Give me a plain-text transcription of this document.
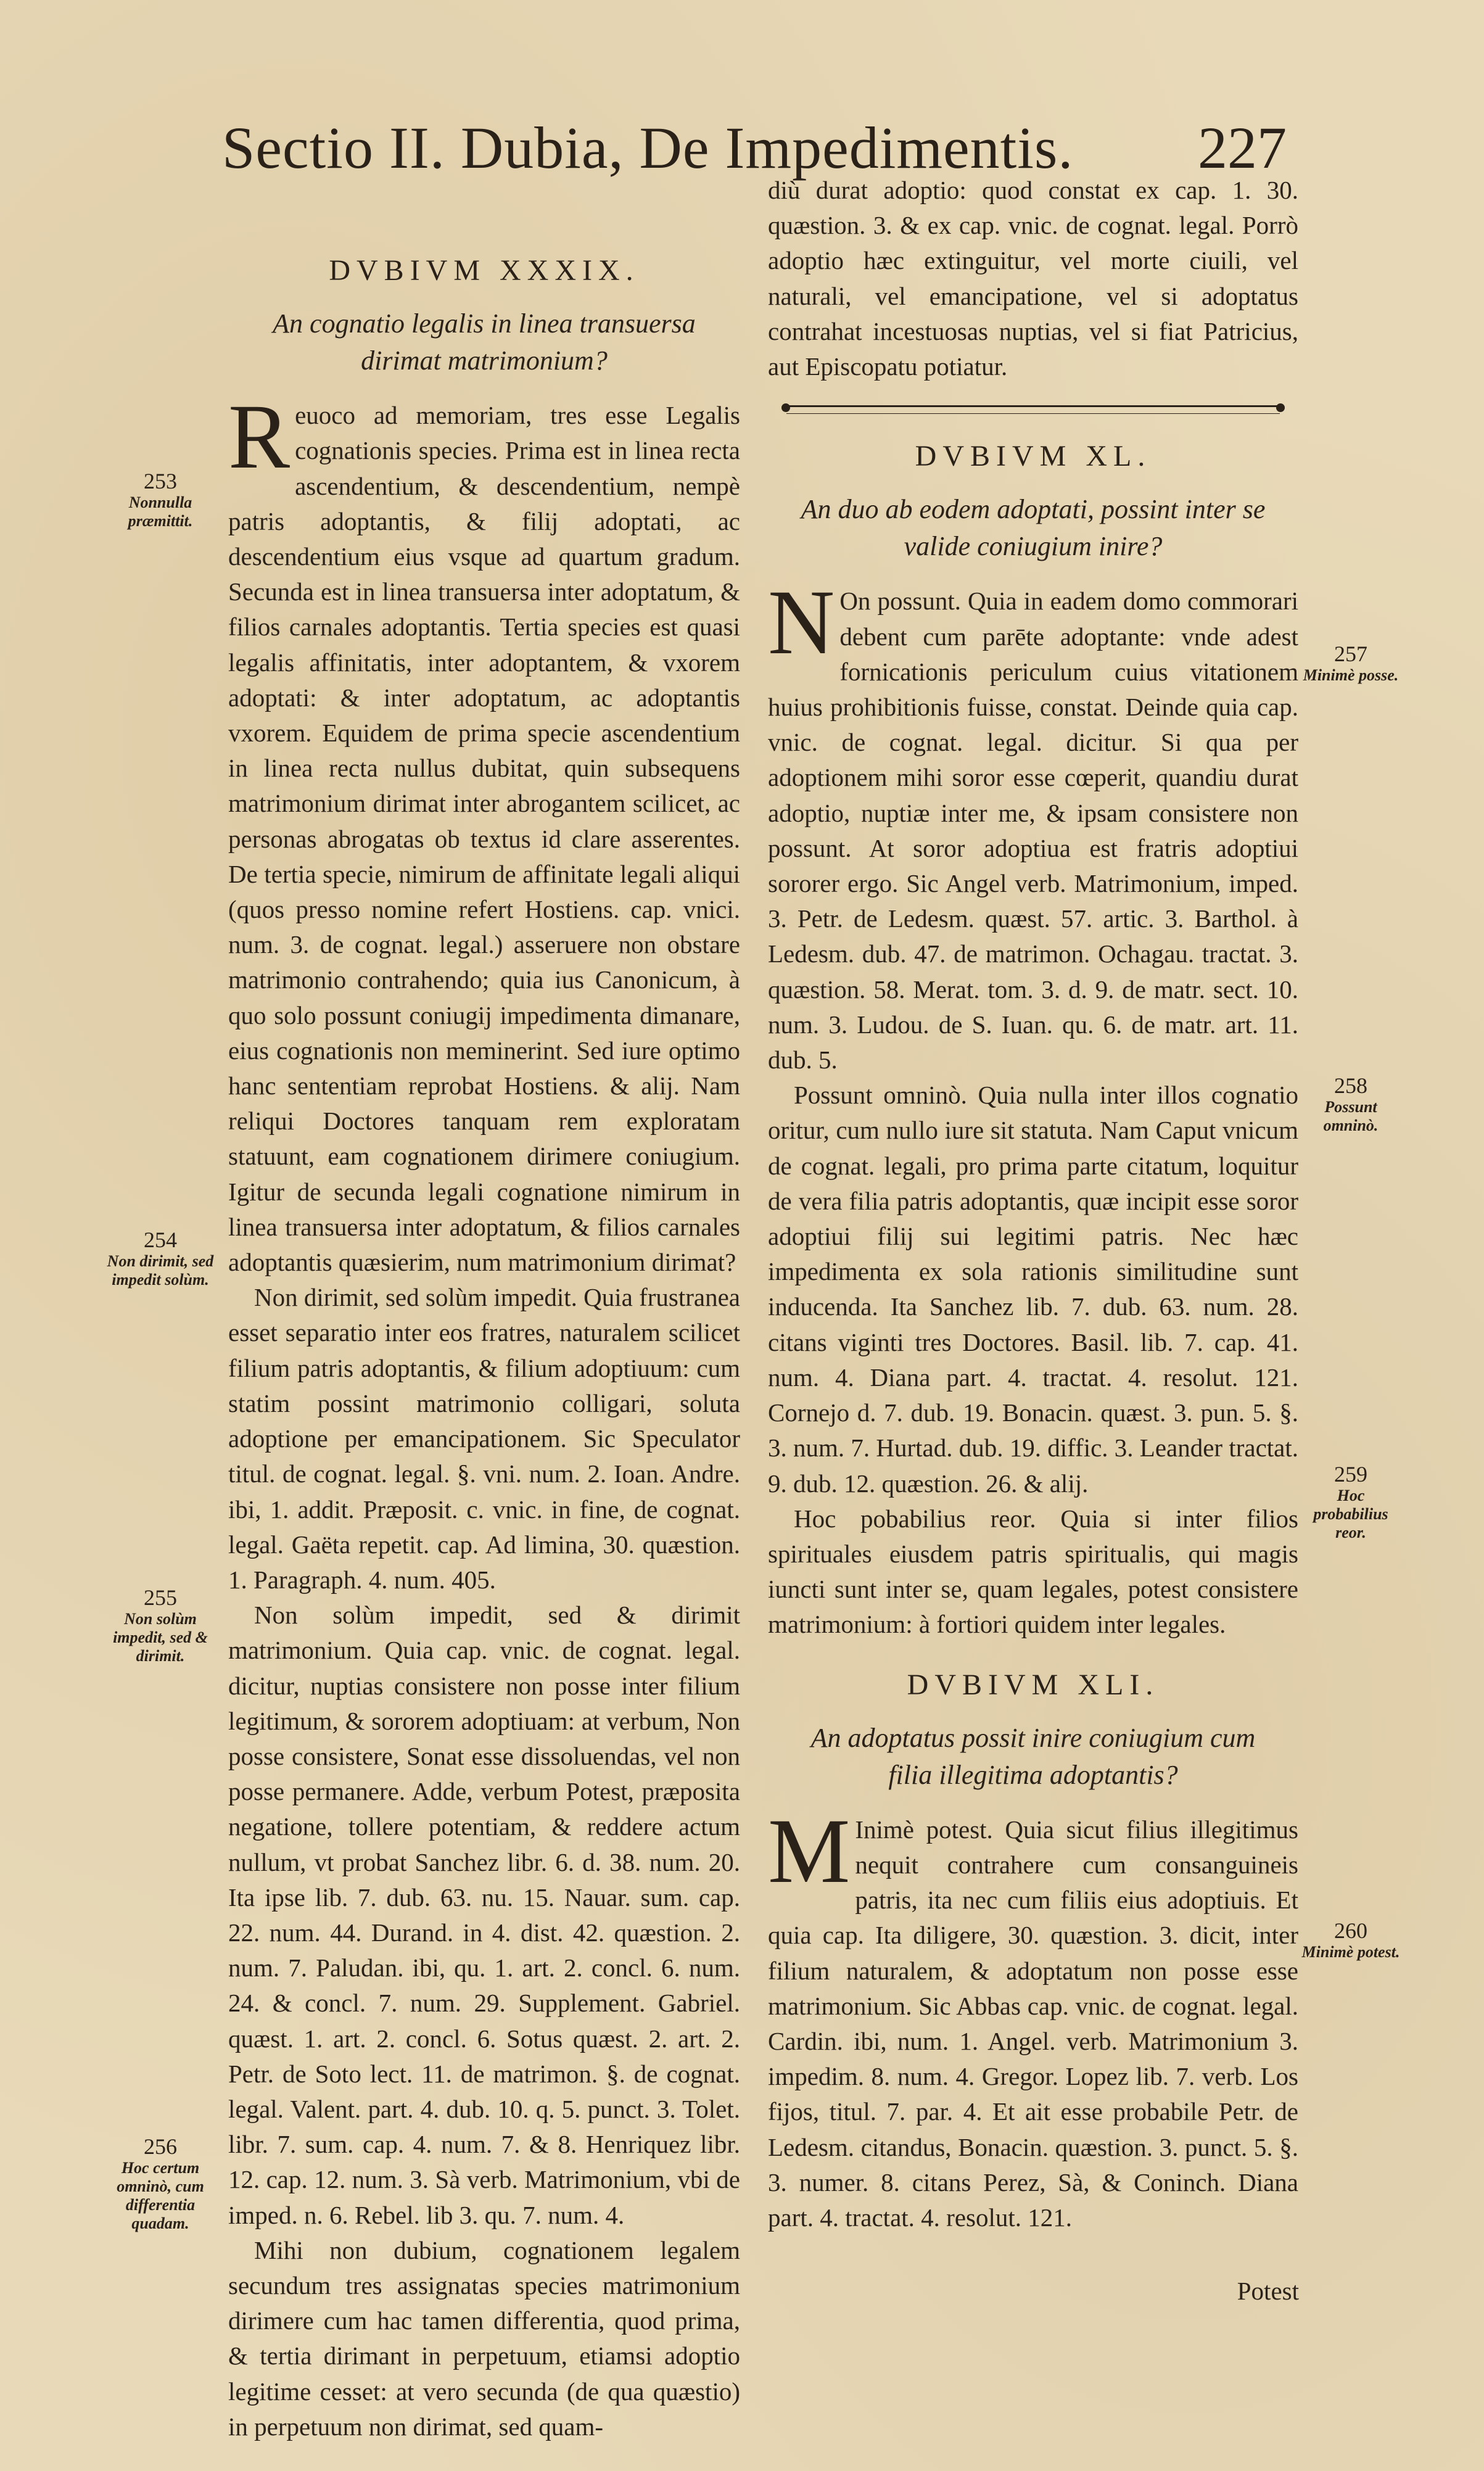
Sectio II. Dubia, De Impedimentis. 227
DVBIVM XXXIX.
An cognatio legalis in linea transuersa dirimat matrimonium?

Reuoco ad memoriam, tres esse Legalis cognationis species. Prima est in linea recta ascendentium, & descendentium, nempè patris adoptantis, & filij adoptati, ac descendentium eius vsque ad quartum gradum. Secunda est in linea transuersa inter adoptatum, & filios carnales adoptantis. Tertia species est quasi legalis affinitatis, inter adoptantem, & vxorem adoptati: & inter adoptatum, ac adoptantis vxorem. Equidem de prima specie ascendentium in linea recta nullus dubitat, quin subsequens matrimonium dirimat inter abrogantem scilicet, ac personas abrogatas ob textus id clare asserentes. De tertia specie, nimirum de affinitate legali aliqui (quos presso nomine refert Hostiens. cap. vnici. num. 3. de cognat. legal.) asseruere non obstare matrimonio contrahendo; quia ius Canonicum, à quo solo possunt coniugij impedimenta dimanare, eius cognationis non meminerint. Sed iure optimo hanc sententiam reprobat Hostiens. & alij. Nam reliqui Doctores tanquam rem exploratam statuunt, eam cognationem dirimere coniugium. Igitur de secunda legali cognatione nimirum in linea transuersa inter adoptatum, & filios carnales adoptantis quæsierim, num matrimonium dirimat?

Non dirimit, sed solùm impedit. Quia frustranea esset separatio inter eos fratres, naturalem scilicet filium patris adoptantis, & filium adoptiuum: cum statim possint matrimonio colligari, soluta adoptione per emancipationem. Sic Speculator titul. de cognat. legal. §. vni. num. 2. Ioan. Andre. ibi, 1. addit. Præposit. c. vnic. in fine, de cognat. legal. Gaëta repetit. cap. Ad limina, 30. quæstion. 1. Paragraph. 4. num. 405.

Non solùm impedit, sed & dirimit matrimonium. Quia cap. vnic. de cognat. legal. dicitur, nuptias consistere non posse inter filium legitimum, & sororem adoptiuam: at verbum, Non posse consistere, Sonat esse dissoluendas, vel non posse permanere. Adde, verbum Potest, præposita negatione, tollere potentiam, & reddere actum nullum, vt probat Sanchez libr. 6. d. 38. num. 20. Ita ipse lib. 7. dub. 63. nu. 15. Nauar. sum. cap. 22. num. 44. Durand. in 4. dist. 42. quæstion. 2. num. 7. Paludan. ibi, qu. 1. art. 2. concl. 6. num. 24. & concl. 7. num. 29. Supplement. Gabriel. quæst. 1. art. 2. concl. 6. Sotus quæst. 2. art. 2. Petr. de Soto lect. 11. de matrimon. §. de cognat. legal. Valent. part. 4. dub. 10. q. 5. punct. 3. Tolet. libr. 7. sum. cap. 4. num. 7. & 8. Henriquez libr. 12. cap. 12. num. 3. Sà verb. Matrimonium, vbi de imped. n. 6. Rebel. lib 3. qu. 7. num. 4.

Mihi non dubium, cognationem legalem secundum tres assignatas species matrimonium dirimere cum hac tamen differentia, quod prima, & tertia dirimant in perpetuum, etiamsi adoptio legitime cesset: at vero secunda (de qua quæstio) in perpetuum non dirimat, sed quam-

diù durat adoptio: quod constat ex cap. 1. 30. quæstion. 3. & ex cap. vnic. de cognat. legal. Porrò adoptio hæc extinguitur, vel morte ciuili, vel naturali, vel emancipatione, vel si adoptatus contrahat incestuosas nuptias, vel si fiat Patricius, aut Episcopatu potiatur.

DVBIVM XL.
An duo ab eodem adoptati, possint inter se valide coniugium inire?

N On possunt. Quia in eadem domo commorari debent cum parēte adoptante: vnde adest fornicationis periculum cuius vitationem huius prohibitionis fuisse, constat. Deinde quia cap. vnic. de cognat. legal. dicitur. Si qua per adoptionem mihi soror esse cœperit, quandiu durat adoptio, nuptiæ inter me, & ipsam consistere non possunt. At soror adoptiua est fratris adoptiui sororer ergo. Sic Angel verb. Matrimonium, imped. 3. Petr. de Ledesm. quæst. 57. artic. 3. Barthol. à Ledesm. dub. 47. de matrimon. Ochagau. tractat. 3. quæstion. 58. Merat. tom. 3. d. 9. de matr. sect. 10. num. 3. Ludou. de S. Iuan. qu. 6. de matr. art. 11. dub. 5.

Possunt omninò. Quia nulla inter illos cognatio oritur, cum nullo iure sit statuta. Nam Caput vnicum de cognat. legali, pro prima parte citatum, loquitur de vera filia patris adoptantis, quæ incipit esse soror adoptiui filij sui legitimi patris. Nec hæc impedimenta ex sola rationis similitudine sunt inducenda. Ita Sanchez lib. 7. dub. 63. num. 28. citans viginti tres Doctores. Basil. lib. 7. cap. 41. num. 4. Diana part. 4. tractat. 4. resolut. 121. Cornejo d. 7. dub. 19. Bonacin. quæst. 3. pun. 5. §. 3. num. 7. Hurtad. dub. 19. diffic. 3. Leander tractat. 9. dub. 12. quæstion. 26. & alij.

Hoc pobabilius reor. Quia si inter filios spirituales eiusdem patris spiritualis, qui magis iuncti sunt inter se, quam legales, potest consistere matrimonium: à fortiori quidem inter legales.

DVBIVM XLI.
An adoptatus possit inire coniugium cum filia illegitima adoptantis?

M Inimè potest. Quia sicut filius illegitimus nequit contrahere cum consanguineis patris, ita nec cum filiis eius adoptiuis. Et quia cap. Ita diligere, 30. quæstion. 3. dicit, inter filium naturalem, & adoptatum non posse esse matrimonium. Sic Abbas cap. vnic. de cognat. legal. Cardin. ibi, num. 1. Angel. verb. Matrimonium 3. impedim. 8. num. 4. Gregor. Lopez lib. 7. verb. Los fijos, titul. 7. par. 4. Et ait esse probabile Petr. de Ledesm. citandus, Bonacin. quæstion. 3. punct. 5. §. 3. numer. 8. citans Perez, Sà, & Coninch. Diana part. 4. tractat. 4. resolut. 121.

253
Nonnulla præmittit.
254
Non dirimit, sed impedit solùm.
255
Non solùm impedit, sed & dirimit.
256
Hoc certum omninò, cum differentia quadam.
257
Minimè posse.
258
Possunt omninò.
259
Hoc probabilius reor.
260
Minimè potest.
Potest
